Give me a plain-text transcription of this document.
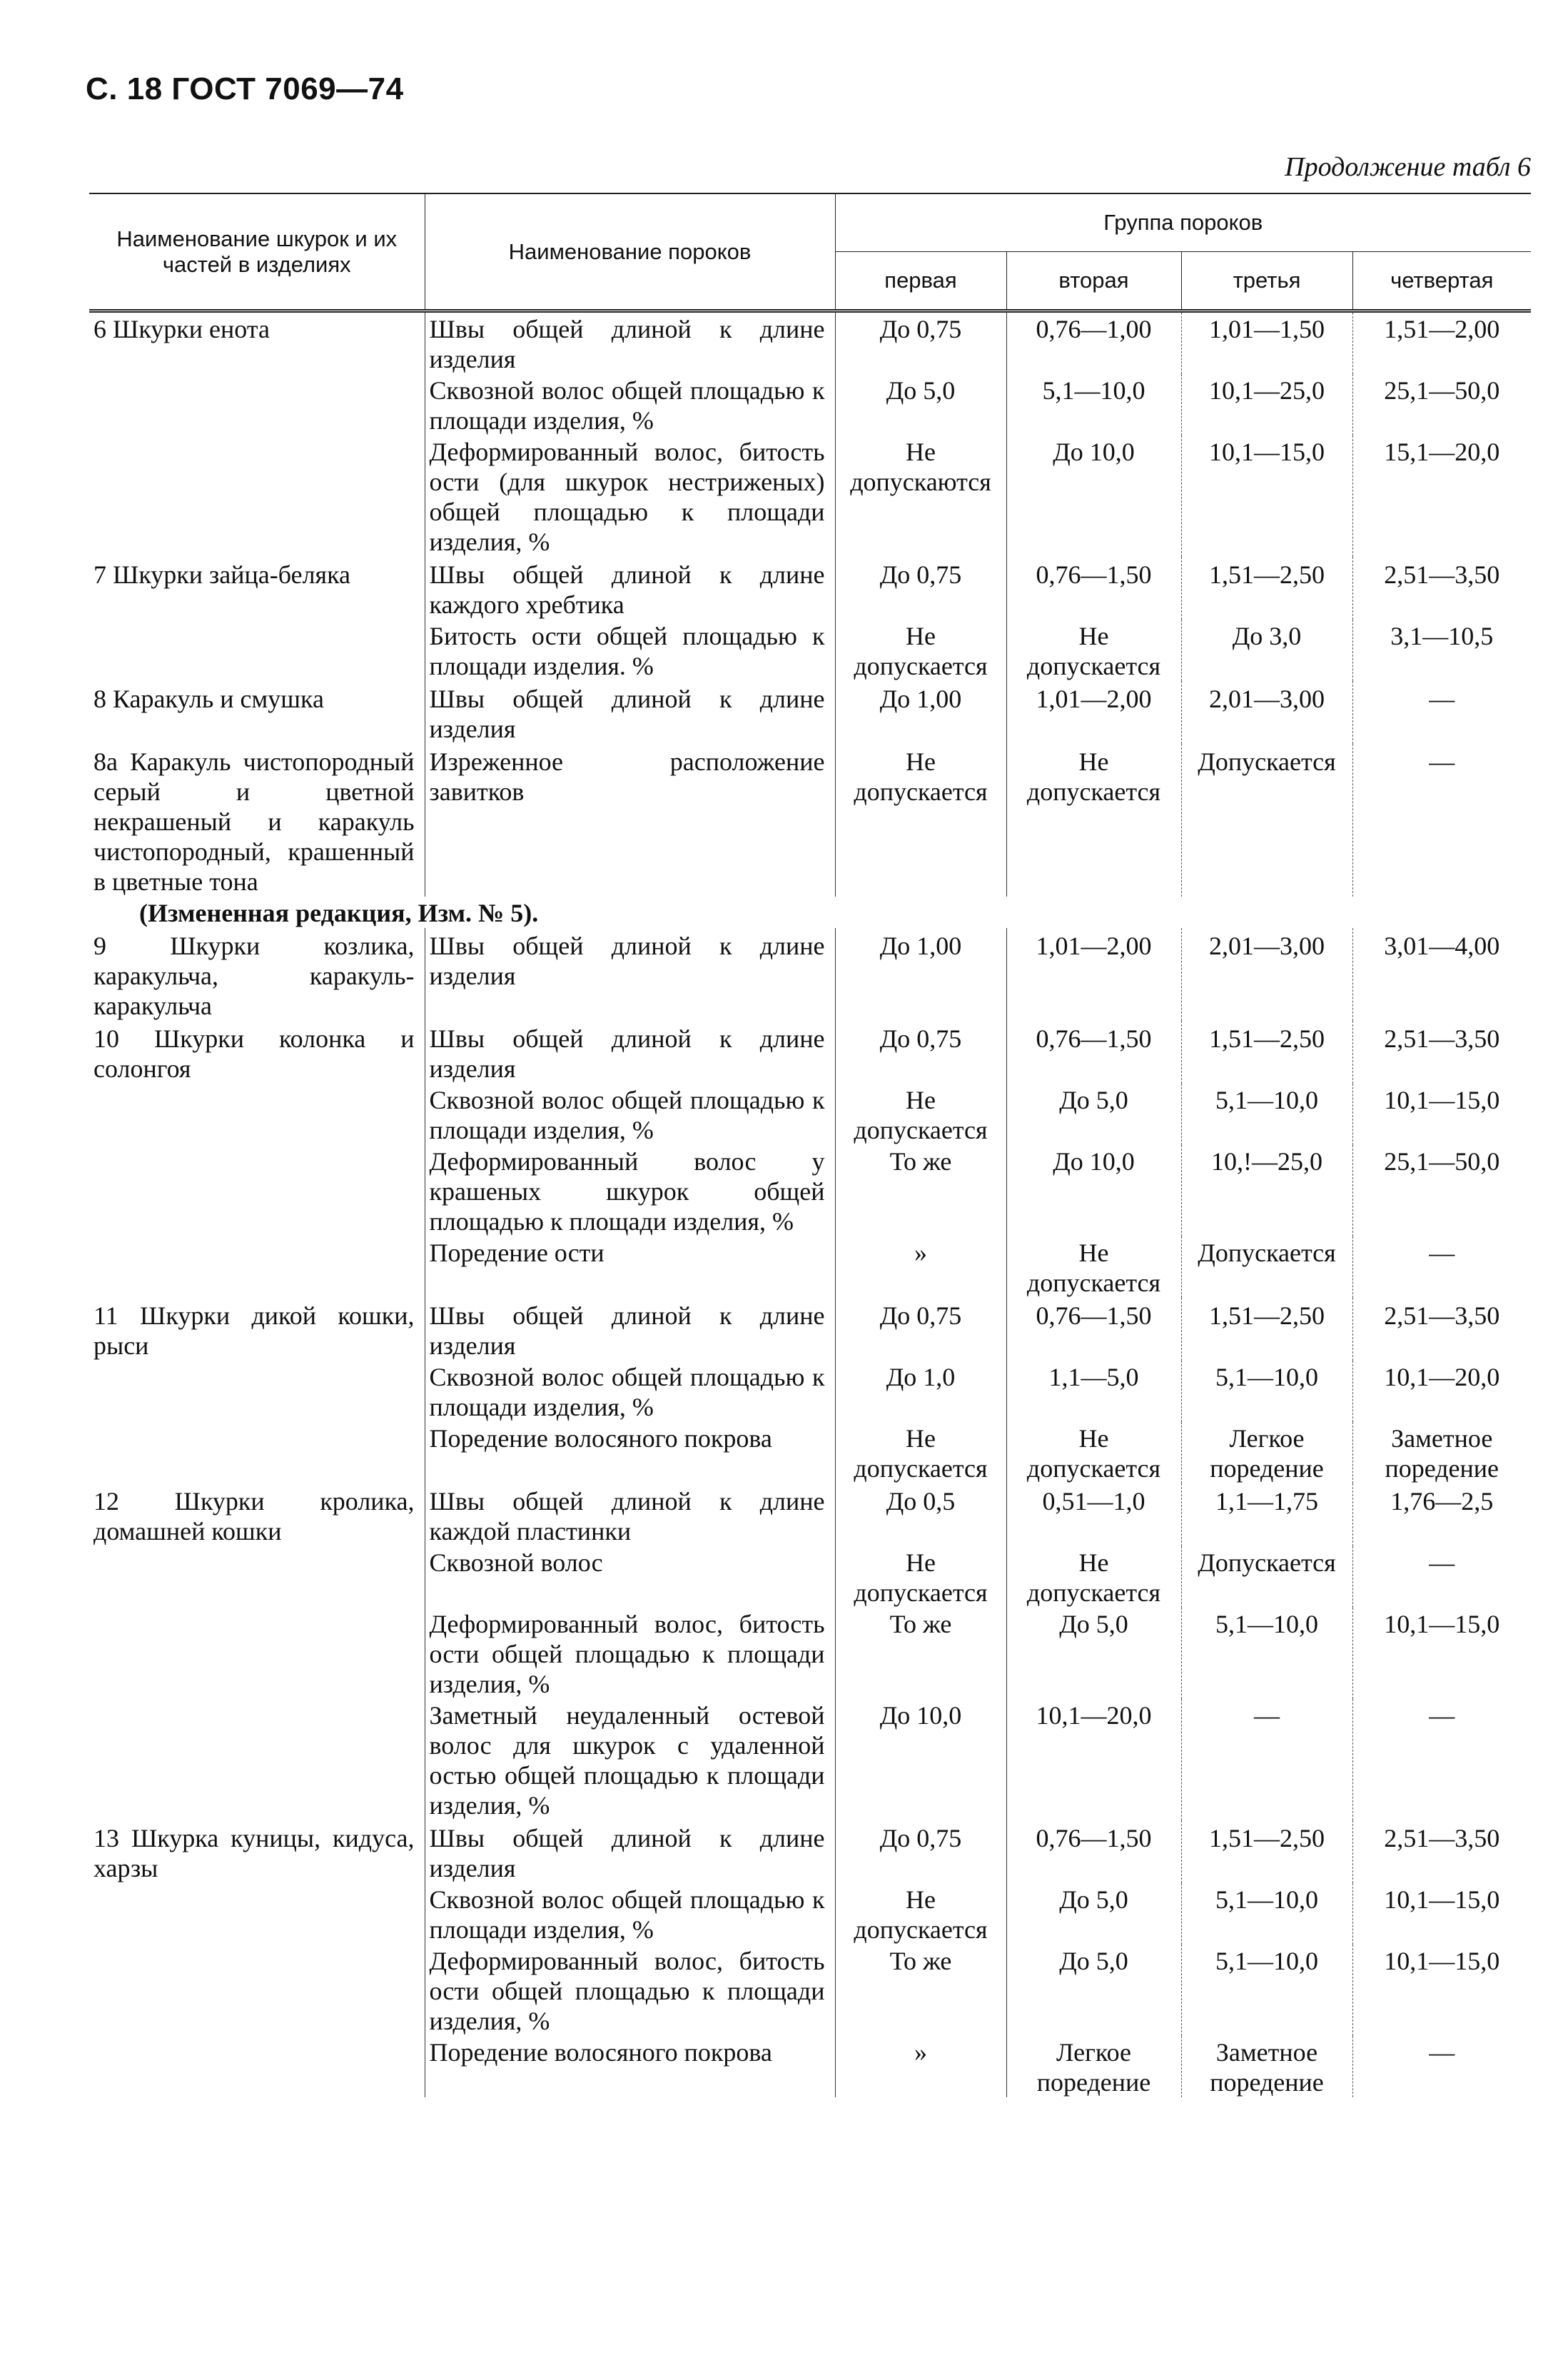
С. 18 ГОСТ 7069—74
Продолжение табл 6
Наименование шкурок и их частей в изделиях	Наименование пороков	Группа пороков			
		первая	вторая	третья	четвертая
6 Шкурки енота	Швы общей длиной к длине изделия	До 0,75	0,76—1,00	1,01—1,50	1,51—2,00
	Сквозной волос общей площадью к площади изделия, %	До 5,0	5,1—10,0	10,1—25,0	25,1—50,0
	Деформированный волос, битость ости (для шкурок нестриженых) общей площадью к площади изделия, %	Не допускаются	До 10,0	10,1—15,0	15,1—20,0
7 Шкурки зайца-беляка	Швы общей длиной к длине каждого хребтика	До 0,75	0,76—1,50	1,51—2,50	2,51—3,50
	Битость ости общей площадью к площади изделия. %	Не допускается	Не допускается	До 3,0	3,1—10,5
8 Каракуль и смушка	Швы общей длиной к длине изделия	До 1,00	1,01—2,00	2,01—3,00	—
8а Каракуль чистопородный серый и цветной некрашеный и каракуль чистопородный, крашенный в цветные тона	Изреженное расположение завитков	Не допускается	Не допускается	Допускается	—
(Измененная редакция, Изм. № 5).					
9 Шкурки козлика, каракульча, каракуль-каракульча	Швы общей длиной к длине изделия	До 1,00	1,01—2,00	2,01—3,00	3,01—4,00
10 Шкурки колонка и солонгоя	Швы общей длиной к длине изделия	До 0,75	0,76—1,50	1,51—2,50	2,51—3,50
	Сквозной волос общей площадью к площади изделия, %	Не допускается	До 5,0	5,1—10,0	10,1—15,0
	Деформированный волос у крашеных шкурок общей площадью к площади изделия, %	То же	До 10,0	10,!—25,0	25,1—50,0
	Поредение ости	»	Не допускается	Допускается	—
11 Шкурки дикой кошки, рыси	Швы общей длиной к длине изделия	До 0,75	0,76—1,50	1,51—2,50	2,51—3,50
	Сквозной волос общей площадью к площади изделия, %	До 1,0	1,1—5,0	5,1—10,0	10,1—20,0
	Поредение волосяного покрова	Не допускается	Не допускается	Легкое поредение	Заметное поредение
12 Шкурки кролика, домашней кошки	Швы общей длиной к длине каждой пластинки	До 0,5	0,51—1,0	1,1—1,75	1,76—2,5
	Сквозной волос	Не допускается	Не допускается	Допускается	—
	Деформированный волос, битость ости общей площадью к площади изделия, %	То же	До 5,0	5,1—10,0	10,1—15,0
	Заметный неудаленный остевой волос для шкурок с удаленной остью общей площадью к площади изделия, %	До 10,0	10,1—20,0	—	—
13 Шкурка куницы, кидуса, харзы	Швы общей длиной к длине изделия	До 0,75	0,76—1,50	1,51—2,50	2,51—3,50
	Сквозной волос общей площадью к площади изделия, %	Не допускается	До 5,0	5,1—10,0	10,1—15,0
	Деформированный волос, битость ости общей площадью к площади изделия, %	То же	До 5,0	5,1—10,0	10,1—15,0
	Поредение волосяного покрова	»	Легкое поредение	Заметное поредение	—
